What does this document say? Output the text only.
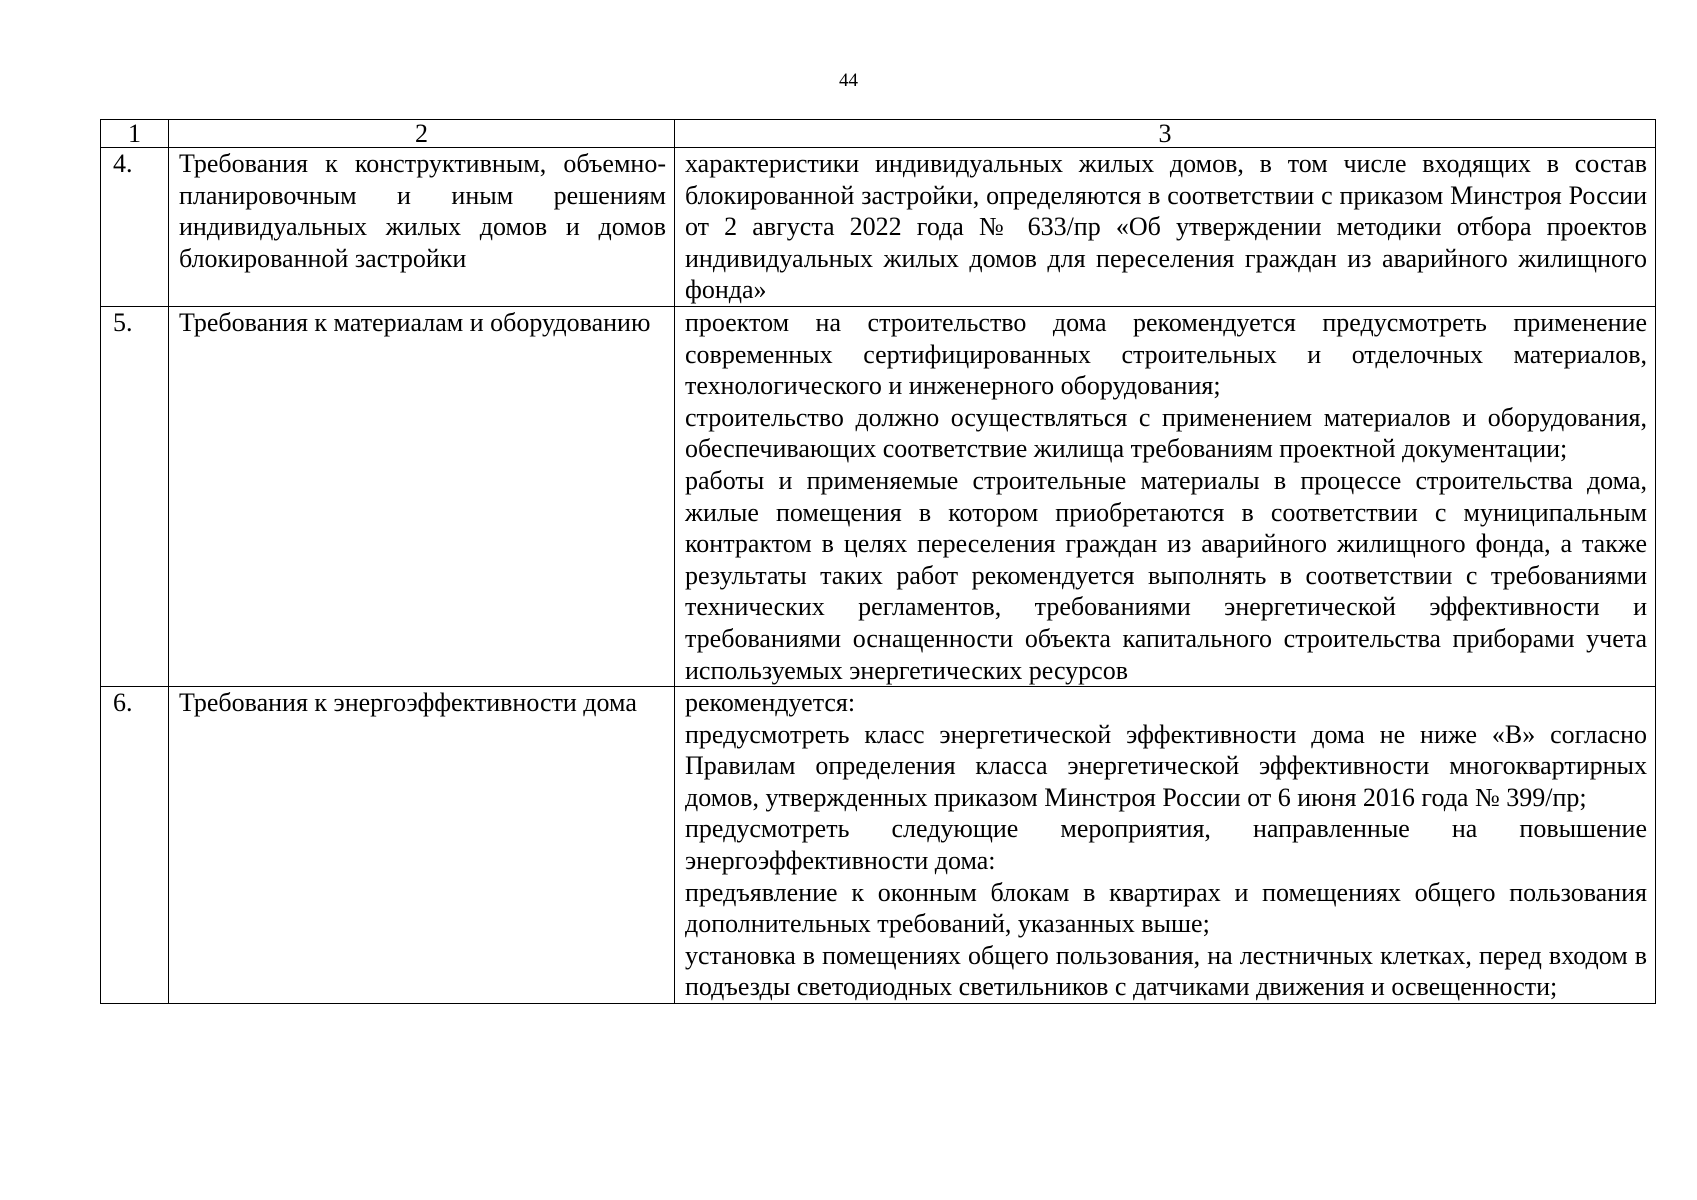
44
1	2	3
4.	Требования к конструктивным, объемно-планировочным и иным решениям индивидуальных жилых домов и домов блокированной застройки	характеристики индивидуальных жилых домов, в том числе входящих в состав блокированной застройки, определяются в соответствии с приказом Минстроя России от 2 августа 2022 года № 633/пр «Об утверждении методики отбора проектов индивидуальных жилых домов для переселения граждан из аварийного жилищного фонда»

5.	Требования к материалам и оборудованию	проектом на строительство дома рекомендуется предусмотреть применение современных сертифицированных строительных и отделочных материалов, технологического и инженерного оборудования;
строительство должно осуществляться с применением материалов и оборудования, обеспечивающих соответствие жилища требованиям проектной документации;
работы и применяемые строительные материалы в процессе строительства дома, жилые помещения в котором приобретаются в соответствии с муниципальным контрактом в целях переселения граждан из аварийного жилищного фонда, а также результаты таких работ рекомендуется выполнять в соответствии с требованиями технических регламентов, требованиями энергетической эффективности и требованиями оснащенности объекта капитального строительства приборами учета используемых энергетических ресурсов

6.	Требования к энергоэффективности дома	рекомендуется:
предусмотреть класс энергетической эффективности дома не ниже «В» согласно Правилам определения класса энергетической эффективности многоквартирных домов, утвержденных приказом Минстроя России от 6 июня 2016 года № 399/пр;
предусмотреть следующие мероприятия, направленные на повышение энергоэффективности дома:
предъявление к оконным блокам в квартирах и помещениях общего пользования дополнительных требований, указанных выше;
установка в помещениях общего пользования, на лестничных клетках, перед входом в подъезды светодиодных светильников с датчиками движения и освещенности;
